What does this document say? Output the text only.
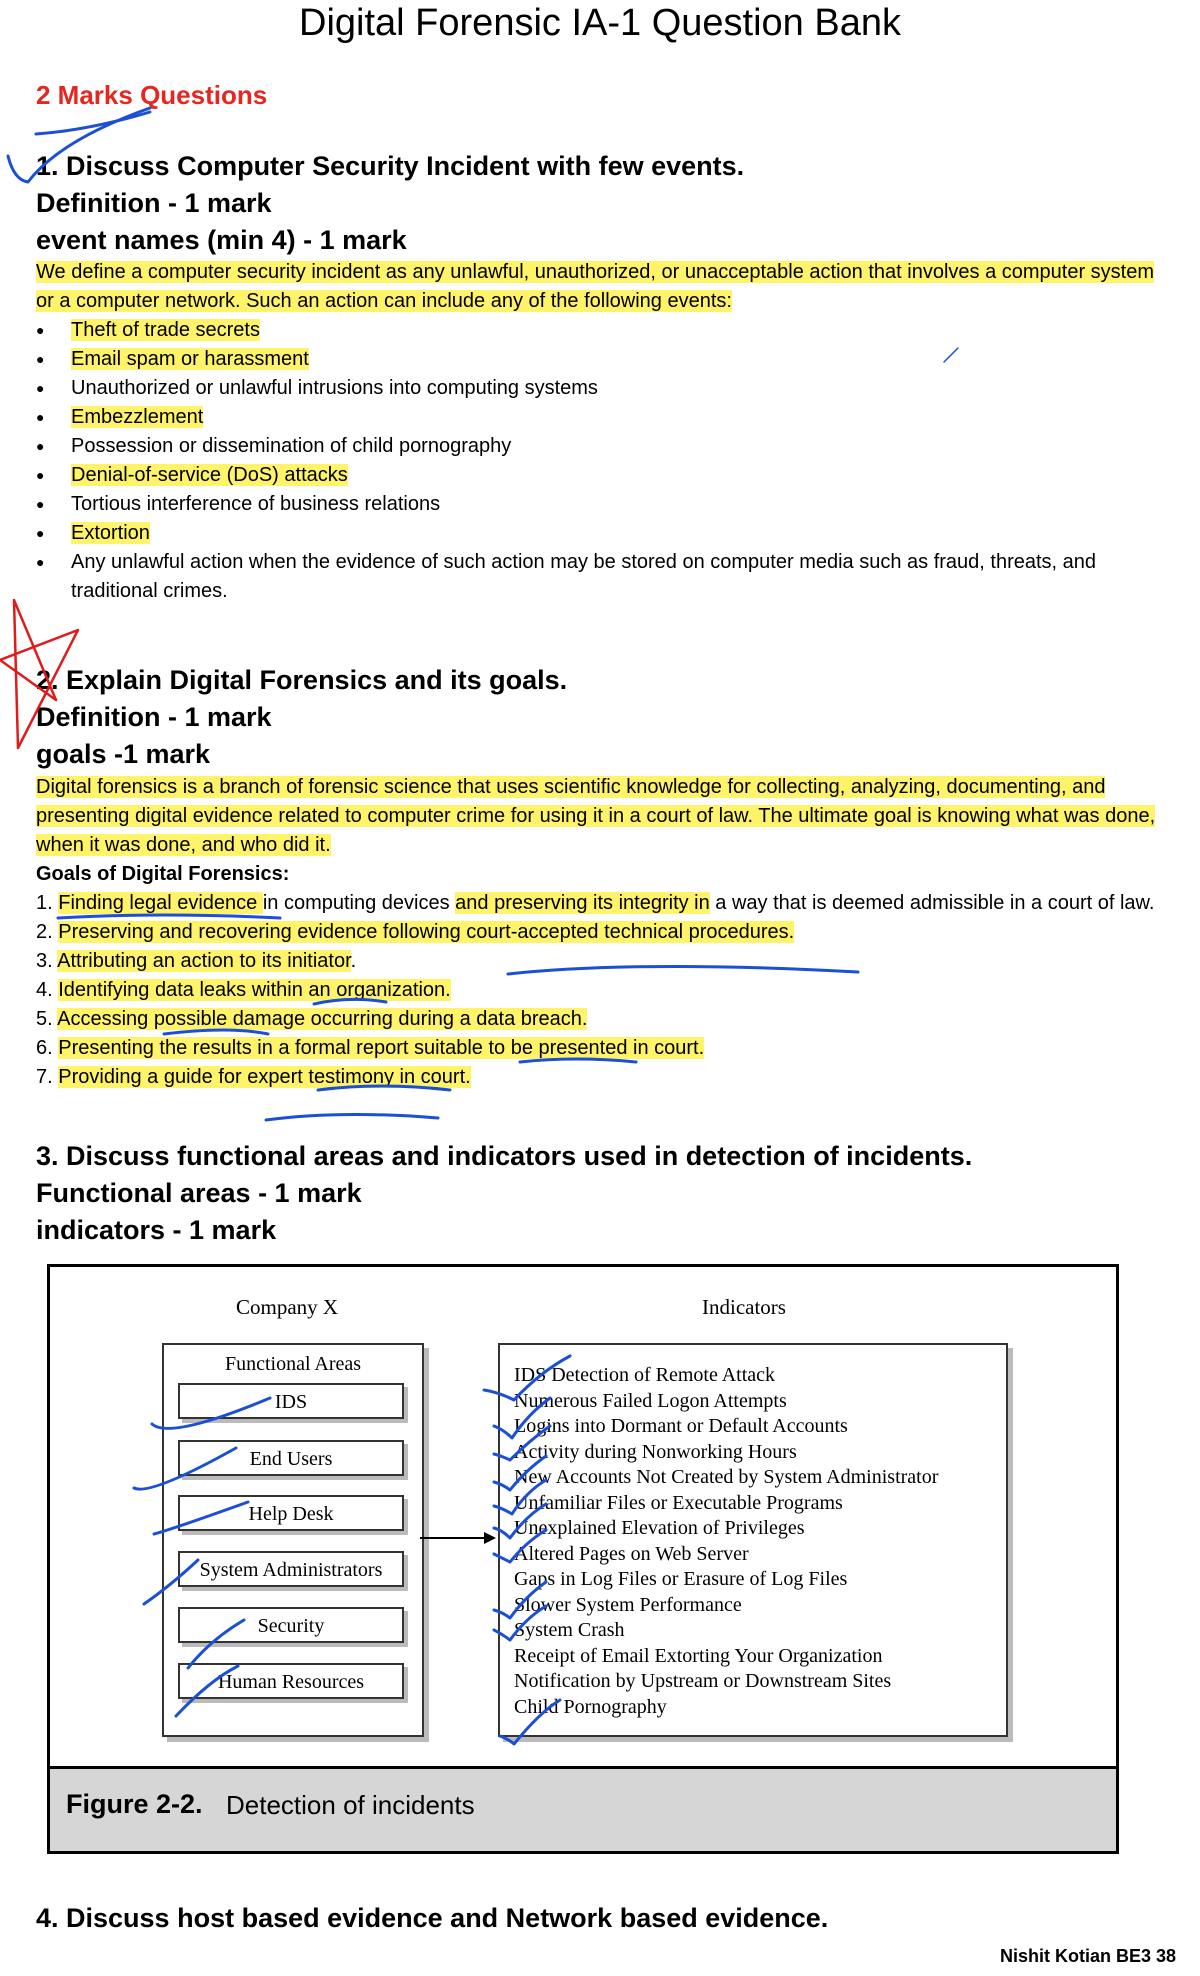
Digital Forensic IA-1 Question Bank
2 Marks Questions
1. Discuss Computer Security Incident with few events.
Definition - 1 mark
event names (min 4) - 1 mark
We define a computer security incident as any unlawful, unauthorized, or unacceptable action that involves a computer system or a computer network. Such an action can include any of the following events:
● Theft of trade secrets
● Email spam or harassment
● Unauthorized or unlawful intrusions into computing systems
● Embezzlement
● Possession or dissemination of child pornography
● Denial-of-service (DoS) attacks
● Tortious interference of business relations
● Extortion
● Any unlawful action when the evidence of such action may be stored on computer media such as fraud, threats, and traditional crimes.
2. Explain Digital Forensics and its goals.
Definition - 1 mark
goals -1 mark
Digital forensics is a branch of forensic science that uses scientific knowledge for collecting, analyzing, documenting, and presenting digital evidence related to computer crime for using it in a court of law. The ultimate goal is knowing what was done, when it was done, and who did it.
Goals of Digital Forensics:
1. Finding legal evidence in computing devices and preserving its integrity in a way that is deemed admissible in a court of law.
2. Preserving and recovering evidence following court-accepted technical procedures.
3. Attributing an action to its initiator.
4. Identifying data leaks within an organization.
5. Accessing possible damage occurring during a data breach.
6. Presenting the results in a formal report suitable to be presented in court.
7. Providing a guide for expert testimony in court.
3. Discuss functional areas and indicators used in detection of incidents.
Functional areas - 1 mark
indicators - 1 mark
Company X	Indicators
Functional Areas
IDS
End Users
Help Desk
System Administrators
Security
Human Resources
IDS Detection of Remote Attack
Numerous Failed Logon Attempts
Logins into Dormant or Default Accounts
Activity during Nonworking Hours
New Accounts Not Created by System Administrator
Unfamiliar Files or Executable Programs
Unexplained Elevation of Privileges
Altered Pages on Web Server
Gaps in Log Files or Erasure of Log Files
Slower System Performance
System Crash
Receipt of Email Extorting Your Organization
Notification by Upstream or Downstream Sites
Child Pornography
Figure 2-2. Detection of incidents
4. Discuss host based evidence and Network based evidence.
Nishit Kotian BE3 38
